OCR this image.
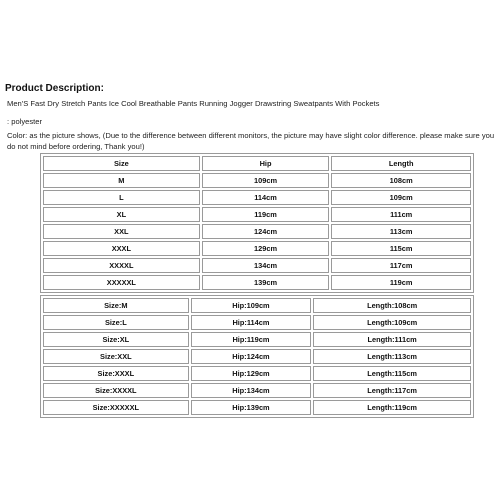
Product Description:
Men'S Fast Dry Stretch Pants Ice Cool Breathable Pants Running Jogger Drawstring Sweatpants With Pockets
: polyester
Color: as the picture shows, (Due to the difference between different monitors, the picture may have slight color difference. please make sure you do not mind before ordering, Thank you!)
Size	Hip	Length
M	109cm	108cm
L	114cm	109cm
XL	119cm	111cm
XXL	124cm	113cm
XXXL	129cm	115cm
XXXXL	134cm	117cm
XXXXXL	139cm	119cm
Size:M	Hip:109cm	Length:108cm
Size:L	Hip:114cm	Length:109cm
Size:XL	Hip:119cm	Length:111cm
Size:XXL	Hip:124cm	Length:113cm
Size:XXXL	Hip:129cm	Length:115cm
Size:XXXXL	Hip:134cm	Length:117cm
Size:XXXXXL	Hip:139cm	Length:119cm
